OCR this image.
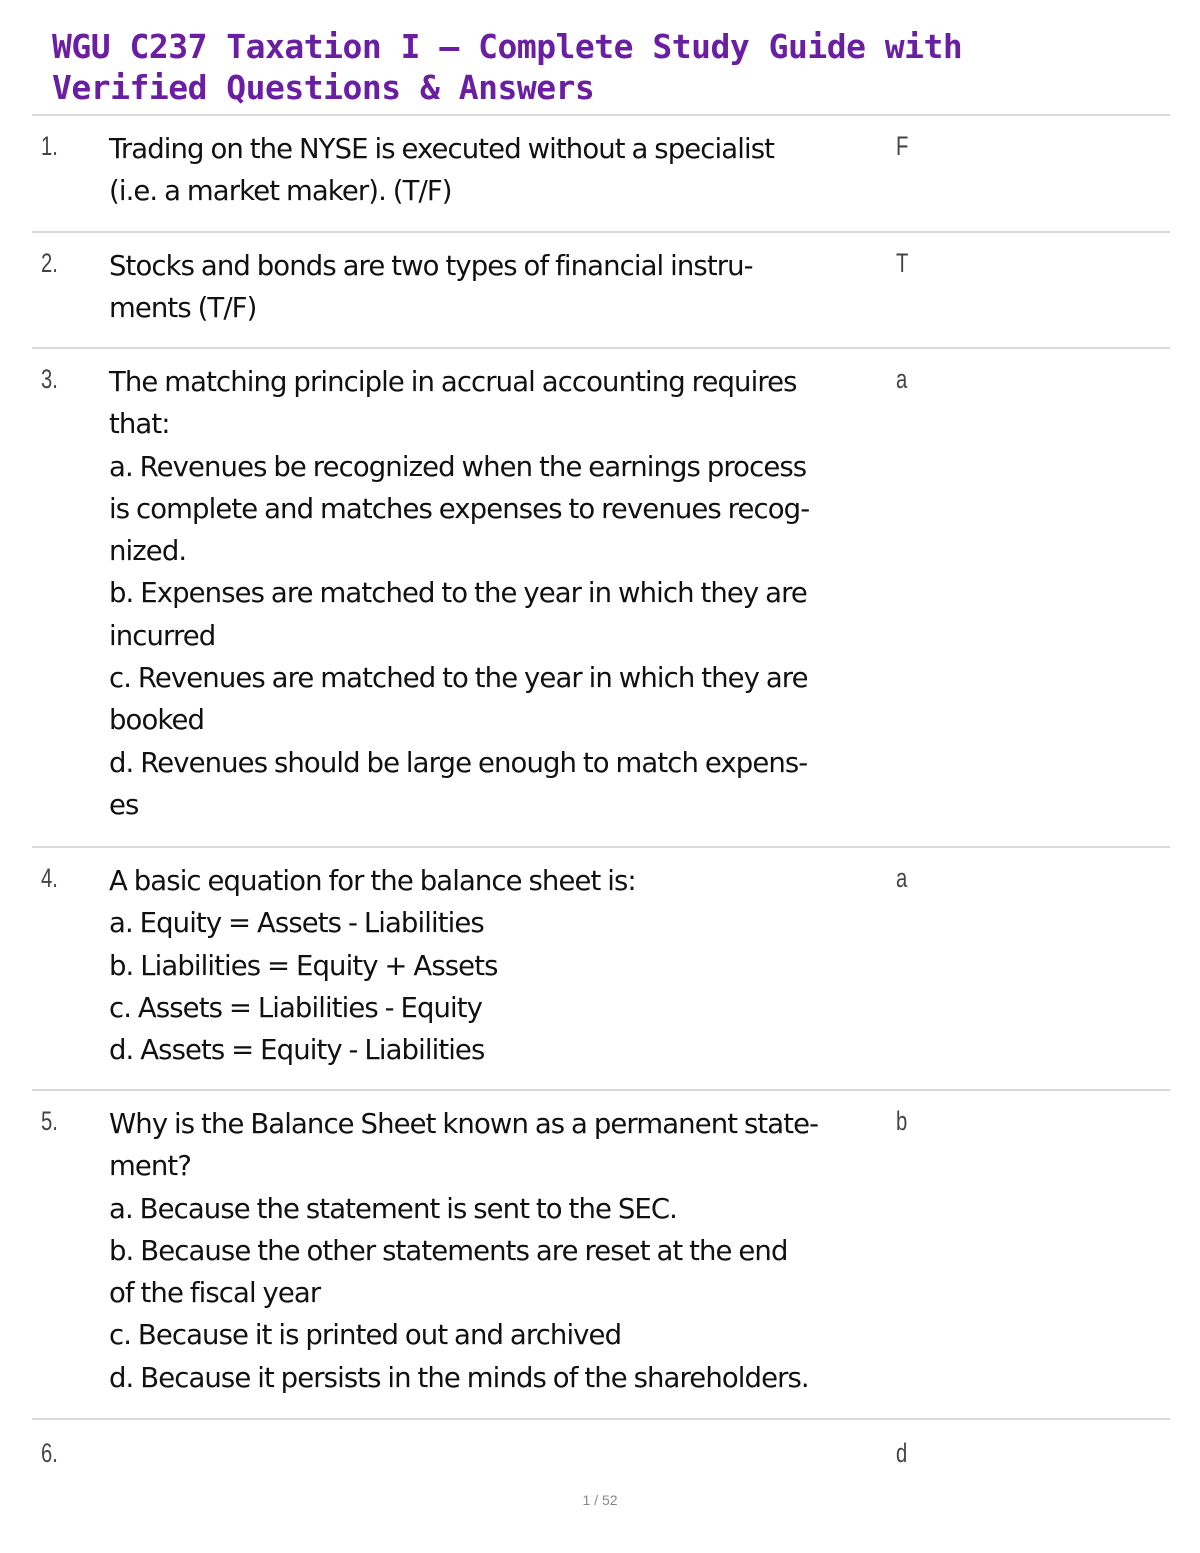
WGU C237 Taxation I – Complete Study Guide with
Verified Questions & Answers
1. Trading on the NYSE is executed without a specialist
(i.e. a market maker). (T/F)
F
2. Stocks and bonds are two types of financial instru-
ments (T/F)
T
3. The matching principle in accrual accounting requires
that:
a. Revenues be recognized when the earnings process
is complete and matches expenses to revenues recog-
nized.
b. Expenses are matched to the year in which they are
incurred
c. Revenues are matched to the year in which they are
booked
d. Revenues should be large enough to match expens-
es
a
4. A basic equation for the balance sheet is:
a. Equity = Assets - Liabilities
b. Liabilities = Equity + Assets
c. Assets = Liabilities - Equity
d. Assets = Equity - Liabilities
a
5. Why is the Balance Sheet known as a permanent state-
ment?
a. Because the statement is sent to the SEC.
b. Because the other statements are reset at the end
of the fiscal year
c. Because it is printed out and archived
d. Because it persists in the minds of the shareholders.
b
6.	d
1 / 52
